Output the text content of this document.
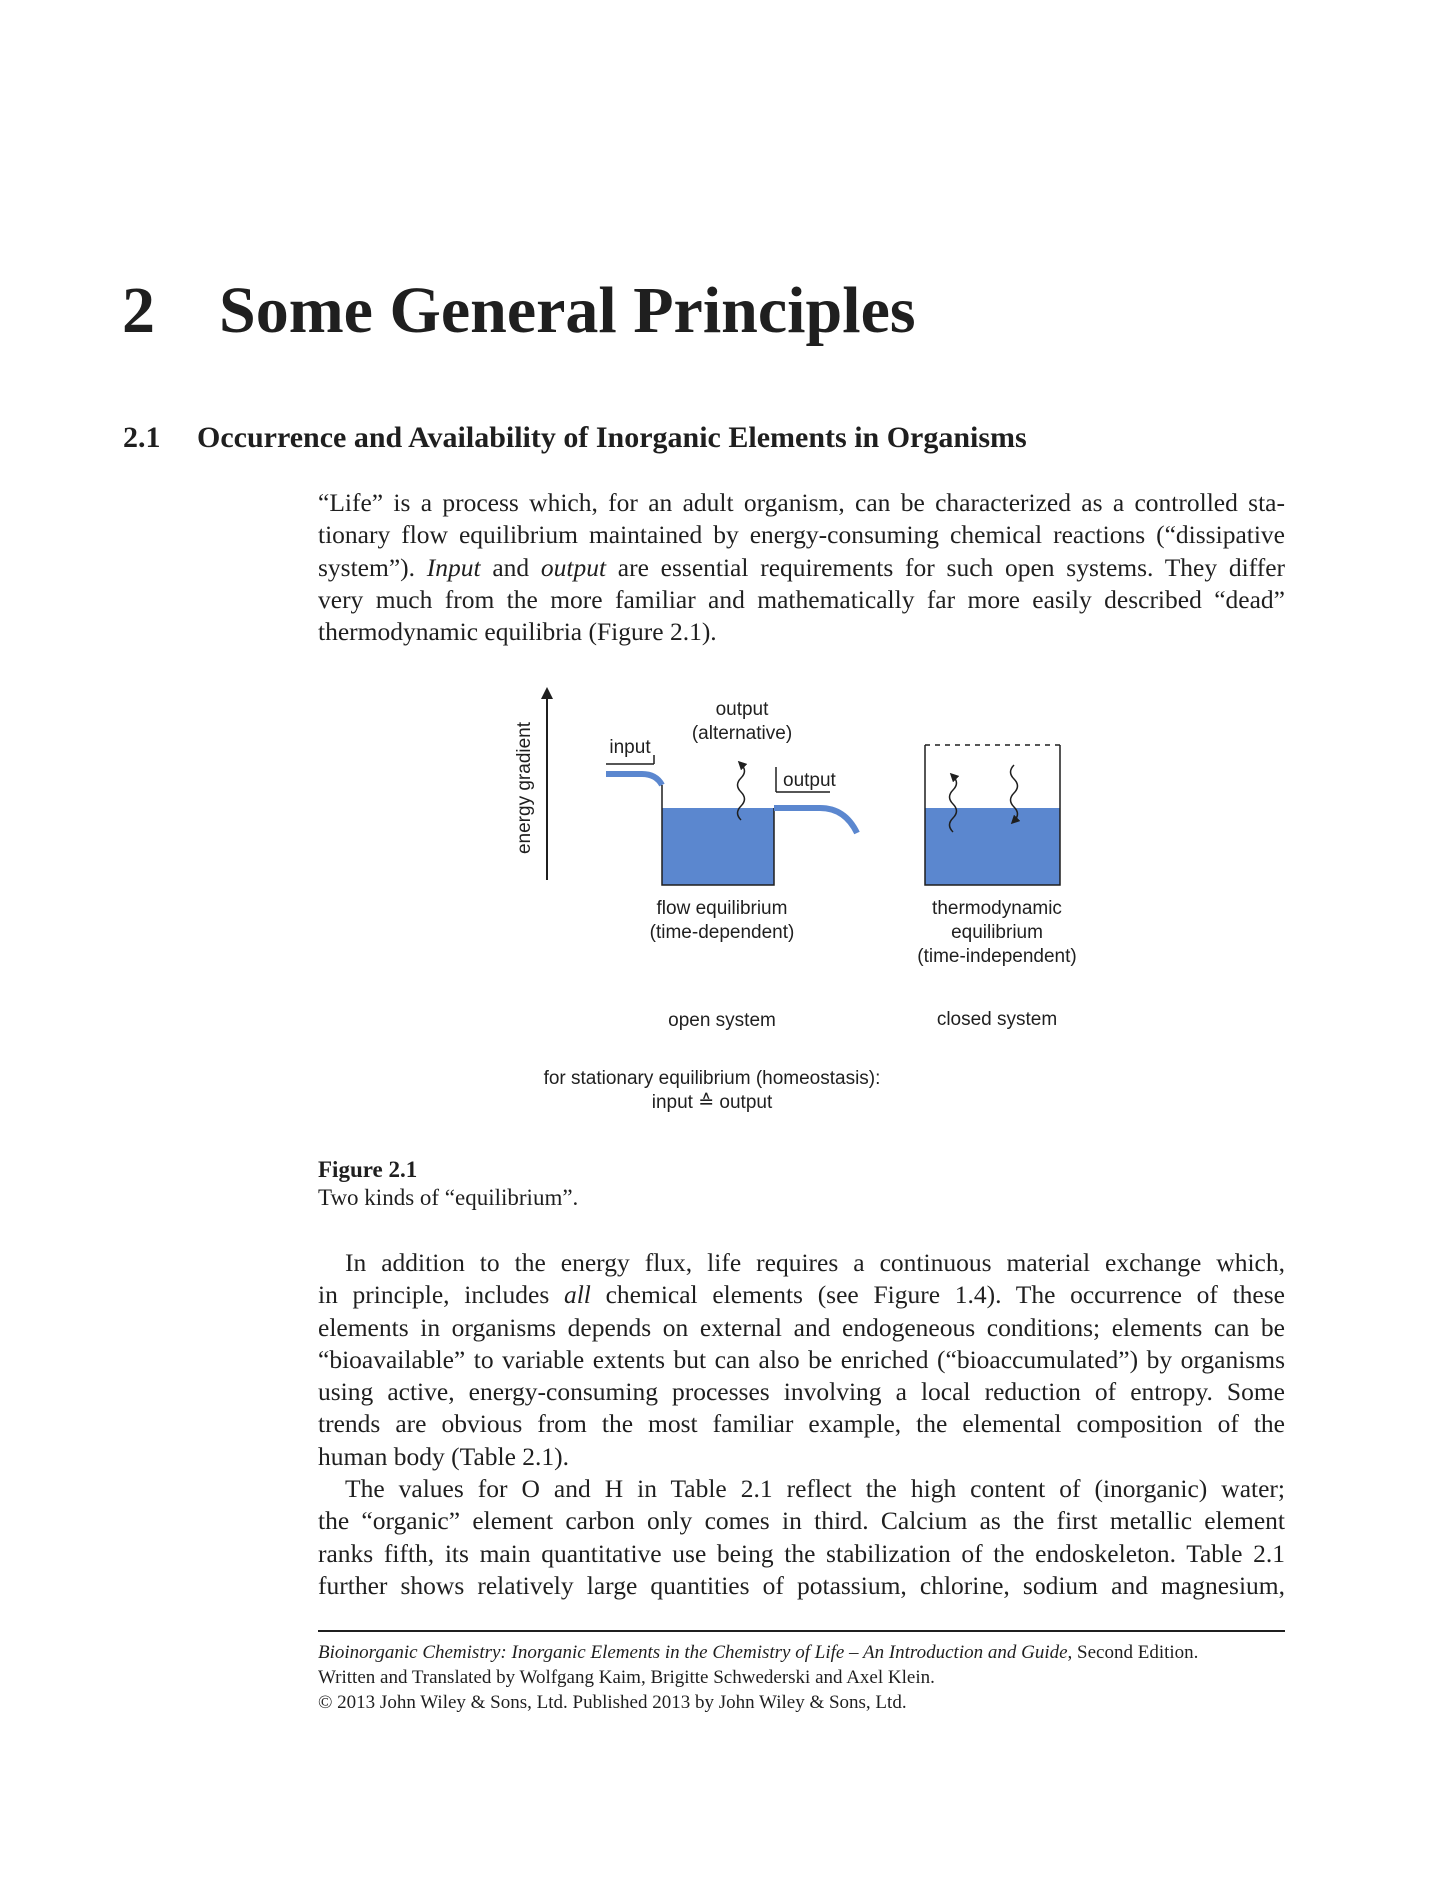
2 Some General Principles
2.1 Occurrence and Availability of Inorganic Elements in Organisms
“Life” is a process which, for an adult organism, can be characterized as a controlled sta-
tionary flow equilibrium maintained by energy-consuming chemical reactions (“dissipative
system”). Input and output are essential requirements for such open systems. They differ
very much from the more familiar and mathematically far more easily described “dead”
thermodynamic equilibria (Figure 2.1).
energy gradient	input
output
output
(alternative)
flow equilibrium
(time-dependent)
thermodynamic
equilibrium
(time-independent)
open system	closed system
for stationary equilibrium (homeostasis):
input ≙ output
Figure 2.1
Two kinds of “equilibrium”.
In addition to the energy flux, life requires a continuous material exchange which,
in principle, includes all chemical elements (see Figure 1.4). The occurrence of these
elements in organisms depends on external and endogeneous conditions; elements can be
“bioavailable” to variable extents but can also be enriched (“bioaccumulated”) by organisms
using active, energy-consuming processes involving a local reduction of entropy. Some
trends are obvious from the most familiar example, the elemental composition of the
human body (Table 2.1).
The values for O and H in Table 2.1 reflect the high content of (inorganic) water;
the “organic” element carbon only comes in third. Calcium as the first metallic element
ranks fifth, its main quantitative use being the stabilization of the endoskeleton. Table 2.1
further shows relatively large quantities of potassium, chlorine, sodium and magnesium,
Bioinorganic Chemistry: Inorganic Elements in the Chemistry of Life – An Introduction and Guide, Second Edition.
Written and Translated by Wolfgang Kaim, Brigitte Schwederski and Axel Klein.
© 2013 John Wiley & Sons, Ltd. Published 2013 by John Wiley & Sons, Ltd.
